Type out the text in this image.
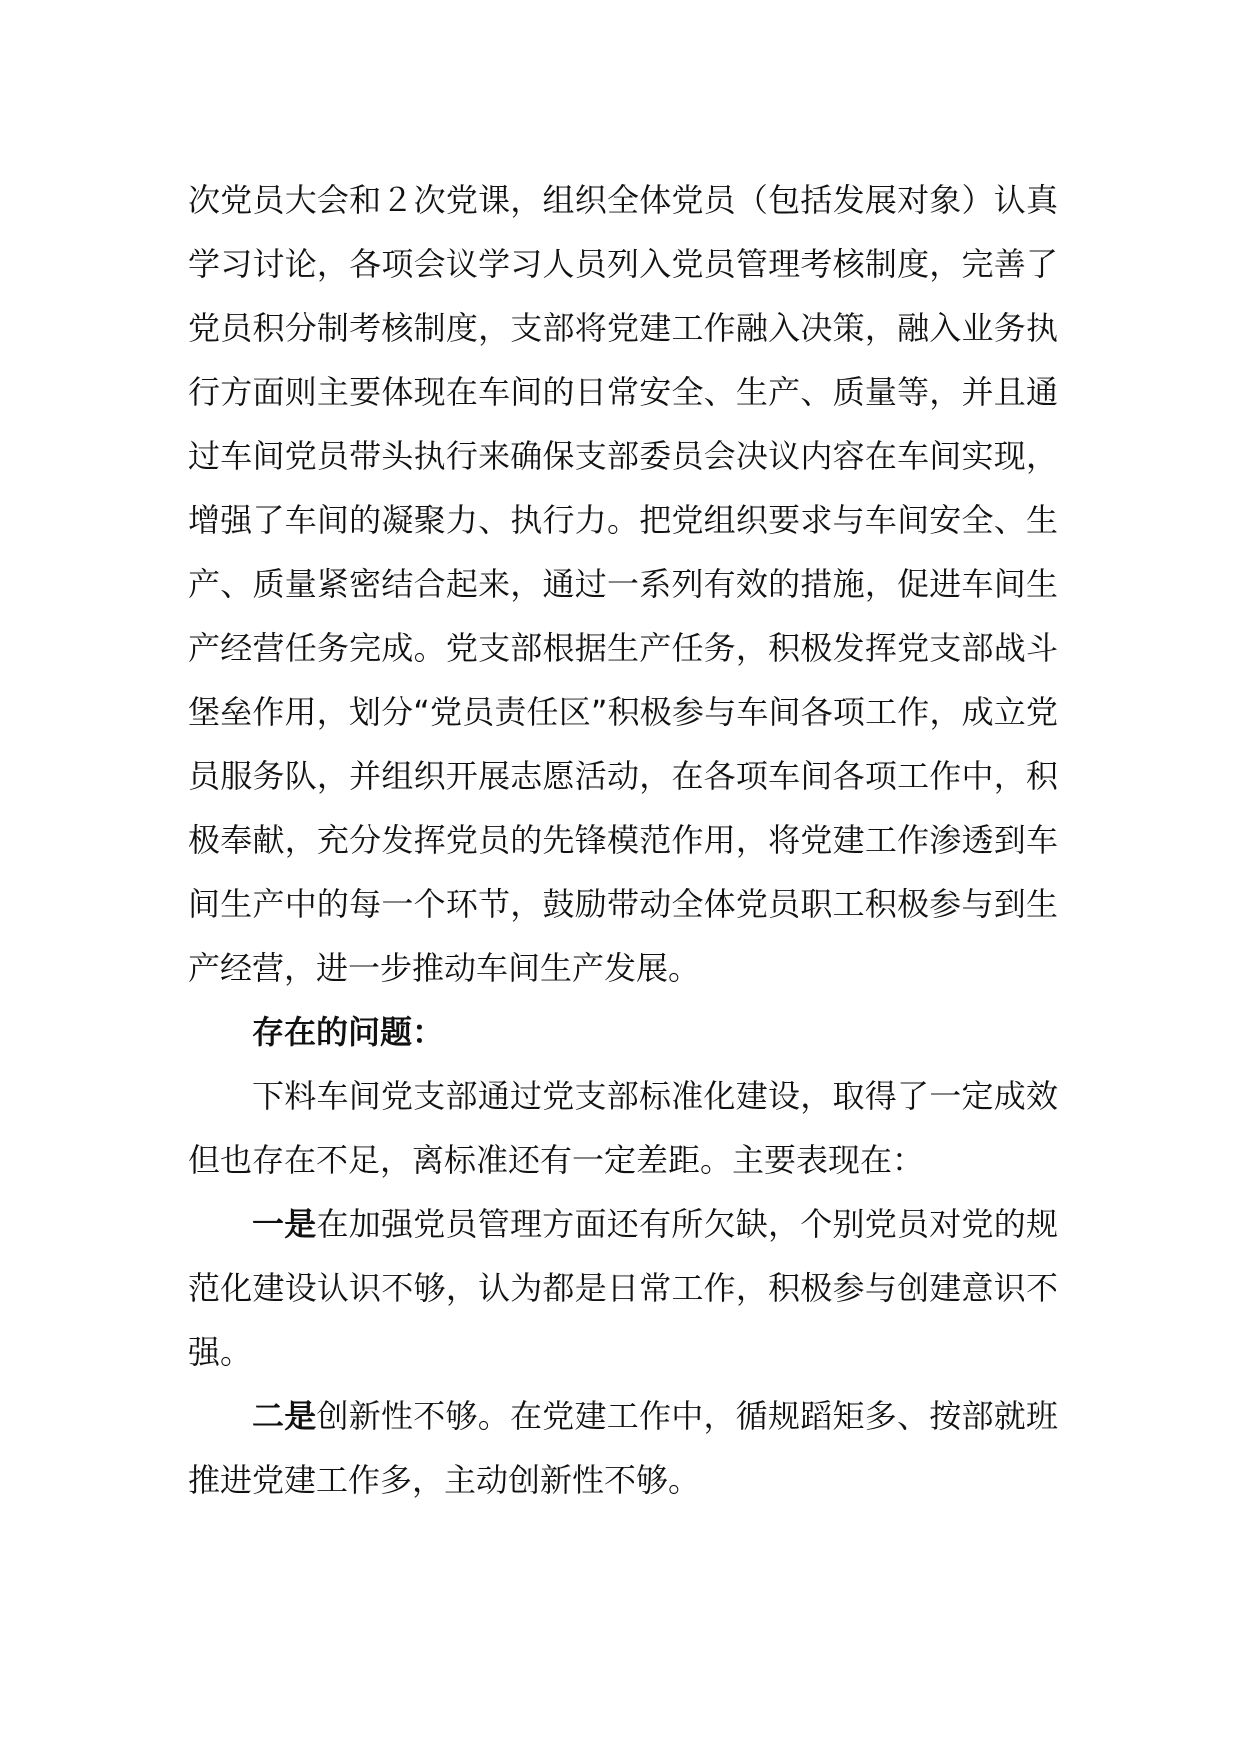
次党员大会和２次党课，组织全体党员（包括发展对象）认真学习讨论，各项会议学习人员列入党员管理考核制度，完善了党员积分制考核制度，支部将党建工作融入决策，融入业务执行方面则主要体现在车间的日常安全、生产、质量等，并且通过车间党员带头执行来确保支部委员会决议内容在车间实现，增强了车间的凝聚力、执行力。把党组织要求与车间安全、生产、质量紧密结合起来，通过一系列有效的措施，促进车间生产经营任务完成。党支部根据生产任务，积极发挥党支部战斗堡垒作用，划分“党员责任区”积极参与车间各项工作，成立党员服务队，并组织开展志愿活动，在各项车间各项工作中，积极奉献，充分发挥党员的先锋模范作用，将党建工作渗透到车间生产中的每一个环节，鼓励带动全体党员职工积极参与到生产经营，进一步推动车间生产发展。

存在的问题：

下料车间党支部通过党支部标准化建设，取得了一定成效但也存在不足，离标准还有一定差距。主要表现在：

一是在加强党员管理方面还有所欠缺，个别党员对党的规范化建设认识不够，认为都是日常工作，积极参与创建意识不强。

二是创新性不够。在党建工作中，循规蹈矩多、按部就班推进党建工作多，主动创新性不够。
